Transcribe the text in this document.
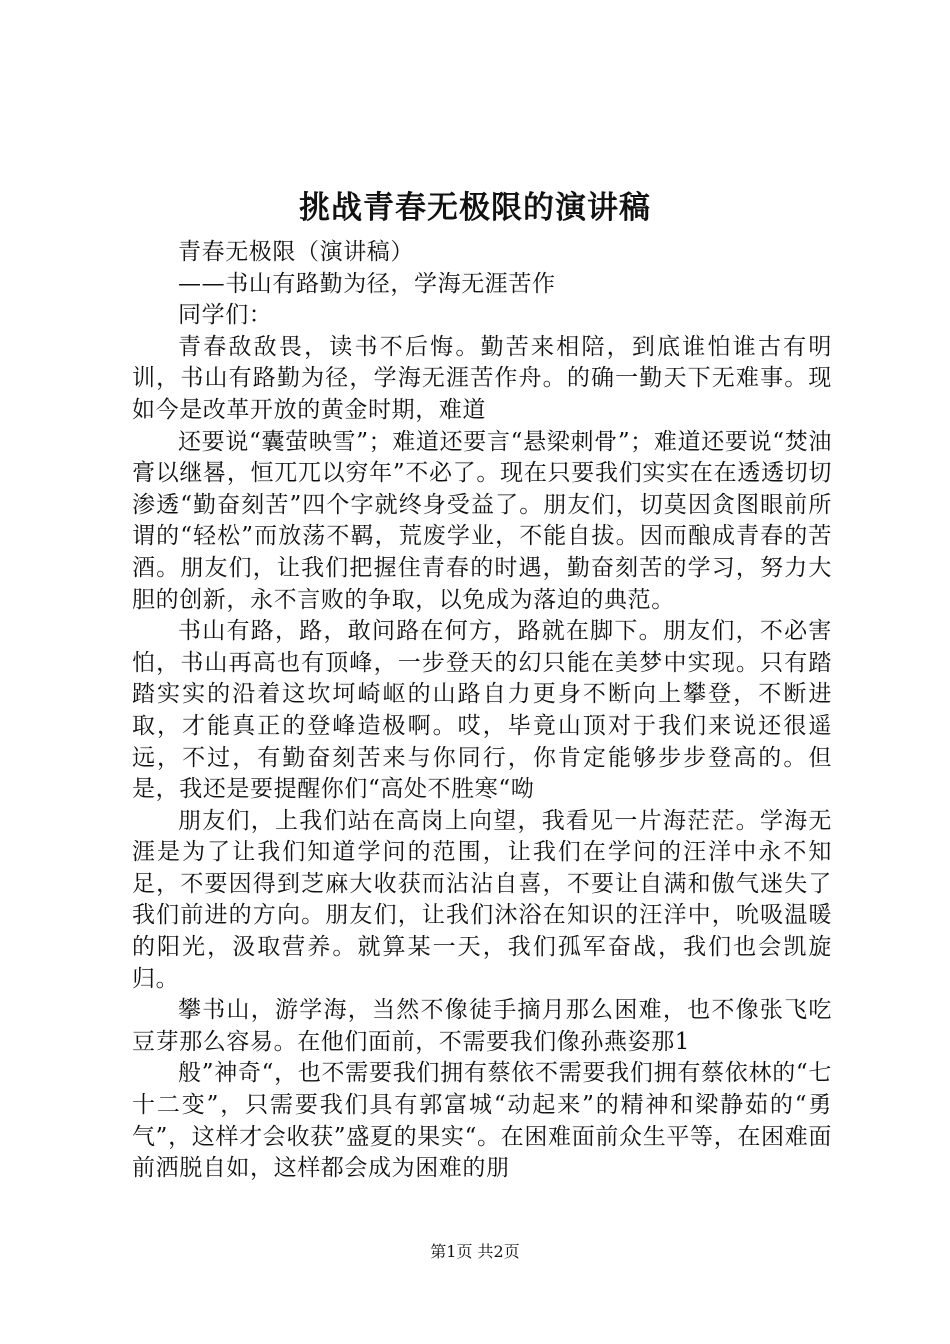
挑战青春无极限的演讲稿

青春无极限（演讲稿）

——书山有路勤为径，学海无涯苦作

同学们：

青春敌敌畏，读书不后悔。勤苦来相陪，到底谁怕谁古有明训，书山有路勤为径，学海无涯苦作舟。的确一勤天下无难事。现如今是改革开放的黄金时期，难道

还要说“囊萤映雪”；难道还要言“悬梁刺骨”；难道还要说“焚油膏以继晷，恒兀兀以穷年”不必了。现在只要我们实实在在透透切切渗透“勤奋刻苦”四个字就终身受益了。朋友们，切莫因贪图眼前所谓的“轻松”而放荡不羁，荒废学业，不能自拔。因而酿成青春的苦酒。朋友们，让我们把握住青春的时遇，勤奋刻苦的学习，努力大胆的创新，永不言败的争取，以免成为落迫的典范。

书山有路，路，敢问路在何方，路就在脚下。朋友们，不必害怕，书山再高也有顶峰，一步登天的幻只能在美梦中实现。只有踏踏实实的沿着这坎坷崎岖的山路自力更身不断向上攀登，不断进取，才能真正的登峰造极啊。哎，毕竟山顶对于我们来说还很遥远，不过，有勤奋刻苦来与你同行，你肯定能够步步登高的。但是，我还是要提醒你们“高处不胜寒“呦

朋友们，上我们站在高岗上向望，我看见一片海茫茫。学海无涯是为了让我们知道学问的范围，让我们在学问的汪洋中永不知足，不要因得到芝麻大收获而沾沾自喜，不要让自满和傲气迷失了我们前进的方向。朋友们，让我们沐浴在知识的汪洋中，吮吸温暖的阳光，汲取营养。就算某一天，我们孤军奋战，我们也会凯旋归。

攀书山，游学海，当然不像徒手摘月那么困难，也不像张飞吃豆芽那么容易。在他们面前，不需要我们像孙燕姿那1

般”神奇“，也不需要我们拥有蔡依不需要我们拥有蔡依林的“七十二变”，只需要我们具有郭富城“动起来”的精神和梁静茹的“勇气”，这样才会收获”盛夏的果实“。在困难面前众生平等，在困难面前洒脱自如，这样都会成为困难的朋

第1页 共2页
